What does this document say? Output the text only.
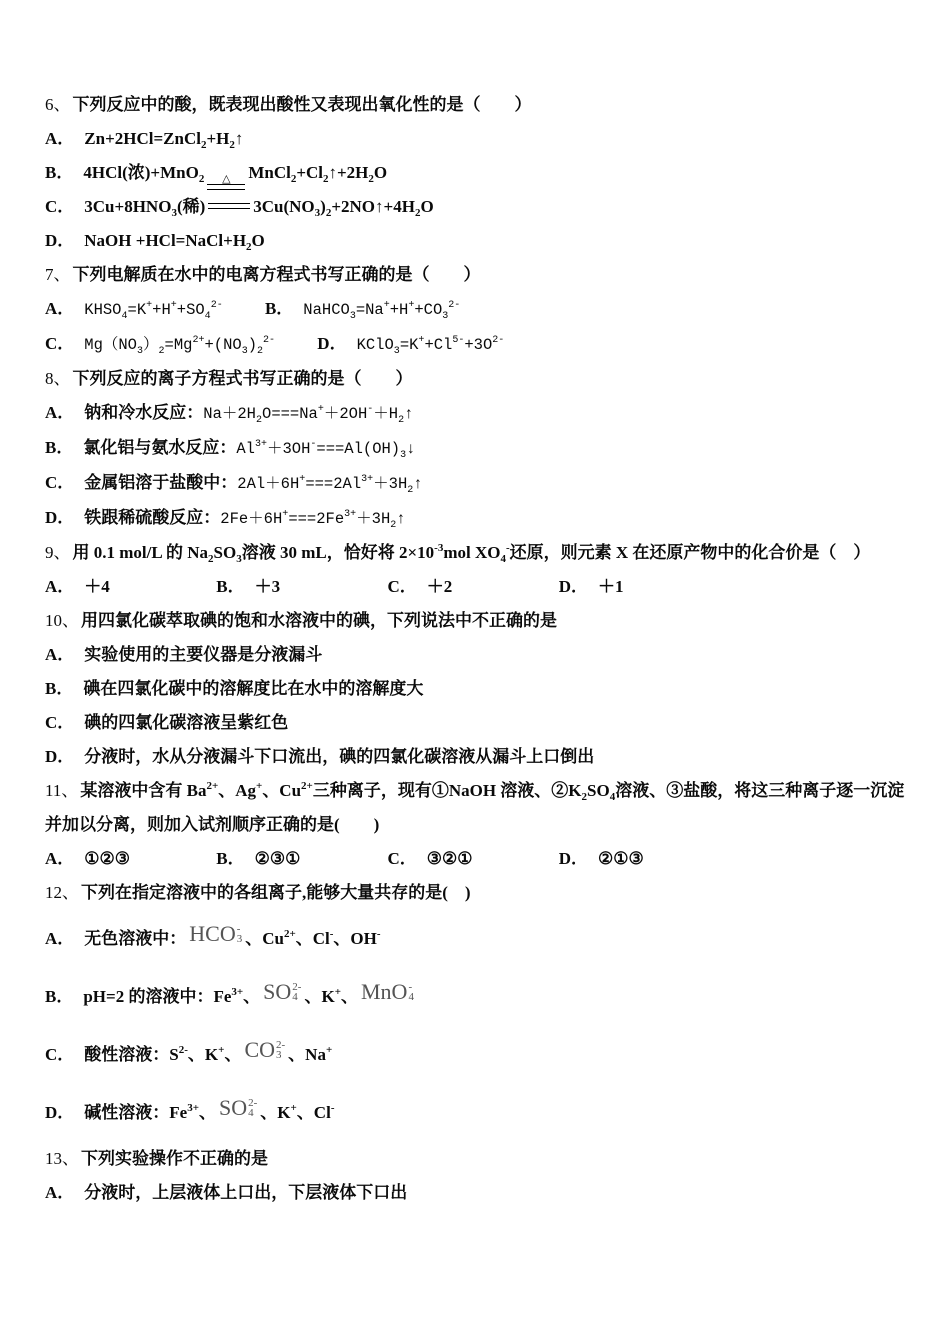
6、 下列反应中的酸，既表现出酸性又表现出氧化性的是（　　）
A． $Zn+2HCl=ZnCl_2+H_2↑$
B． 4HCl(浓)+MnO$_2$ △ $MnCl_2+Cl_2↑+2H_2O$
C． $3Cu+8HNO_3$(稀)	$3Cu(NO_3)_2+2NO↑+4H_2O$
D． NaOH $+HCl=NaCl+H_2O$
7、 下列电解质在水中的电离方程式书写正确的是（　　）
A． $KHSO_4=K^++H^++SO_4^{2-}$ B． $NaHCO_3=Na^++H^++CO_3^{2-}$
C． $Mg(NO_3)_2=Mg^{2+}+(NO_3)_2^{2-}$ D． $KClO_3=K^++Cl^{5-}+3O^{2-}$
8、 下列反应的离子方程式书写正确的是（　　）
A． 钠和冷水反应：$Na+2H_2O===Na^++2OH^-+H_2↑$
B． 氯化铝与氨水反应：$Al^{3+}+3OH^-===Al(OH)_3↓$
C． 金属铝溶于盐酸中：$2Al+6H^+===2Al^{3+}+3H_2↑$
D． 铁跟稀硫酸反应：$2Fe+6H^+===2Fe^{3+}+3H_2↑$
9、 用 0.1 mol/L 的 $Na_2SO_3$溶液 30 mL，恰好将 $2\times 10^{-3}mol$ $XO_4^-$还原，则元素 X 在还原产物中的化合价是（　）
A． ＋4	B． ＋3	C． ＋2	D． ＋1
10、 用四氯化碳萃取碘的饱和水溶液中的碘，下列说法中不正确的是
A． 实验使用的主要仪器是分液漏斗
B． 碘在四氯化碳中的溶解度比在水中的溶解度大
C． 碘的四氯化碳溶液呈紫红色
D． 分液时，水从分液漏斗下口流出，碘的四氯化碳溶液从漏斗上口倒出
11、 某溶液中含有 $Ba^{2+}$、Ag+、$Cu^{2+}$三种离子，现有①NaOH 溶液、$②K_2SO_4$溶液、③盐酸，将这三种离子逐一沉淀并加以分离，则加入试剂顺序正确的是(　　)
A． ①②③	B． ②③①	C． ③②①	D． ②①③
12、 下列在指定溶液中的各组离子,能够大量共存的是(　)
A． 无色溶液中： HCO -
3 、$Cu^{2+}$、Cl-、OH-
B． pH=2 的溶液中：$Fe^{3+}$、 SO 2-
4 、K+、 MnO -
4
C． 酸性溶液：$S^{2-}$、K+、 CO 2-
3 、Na+
D． 碱性溶液：$Fe^{3+}$、 SO 2-
4 、K+、Cl-
13、 下列实验操作不正确的是
A． 分液时，上层液体上口出，下层液体下口出
